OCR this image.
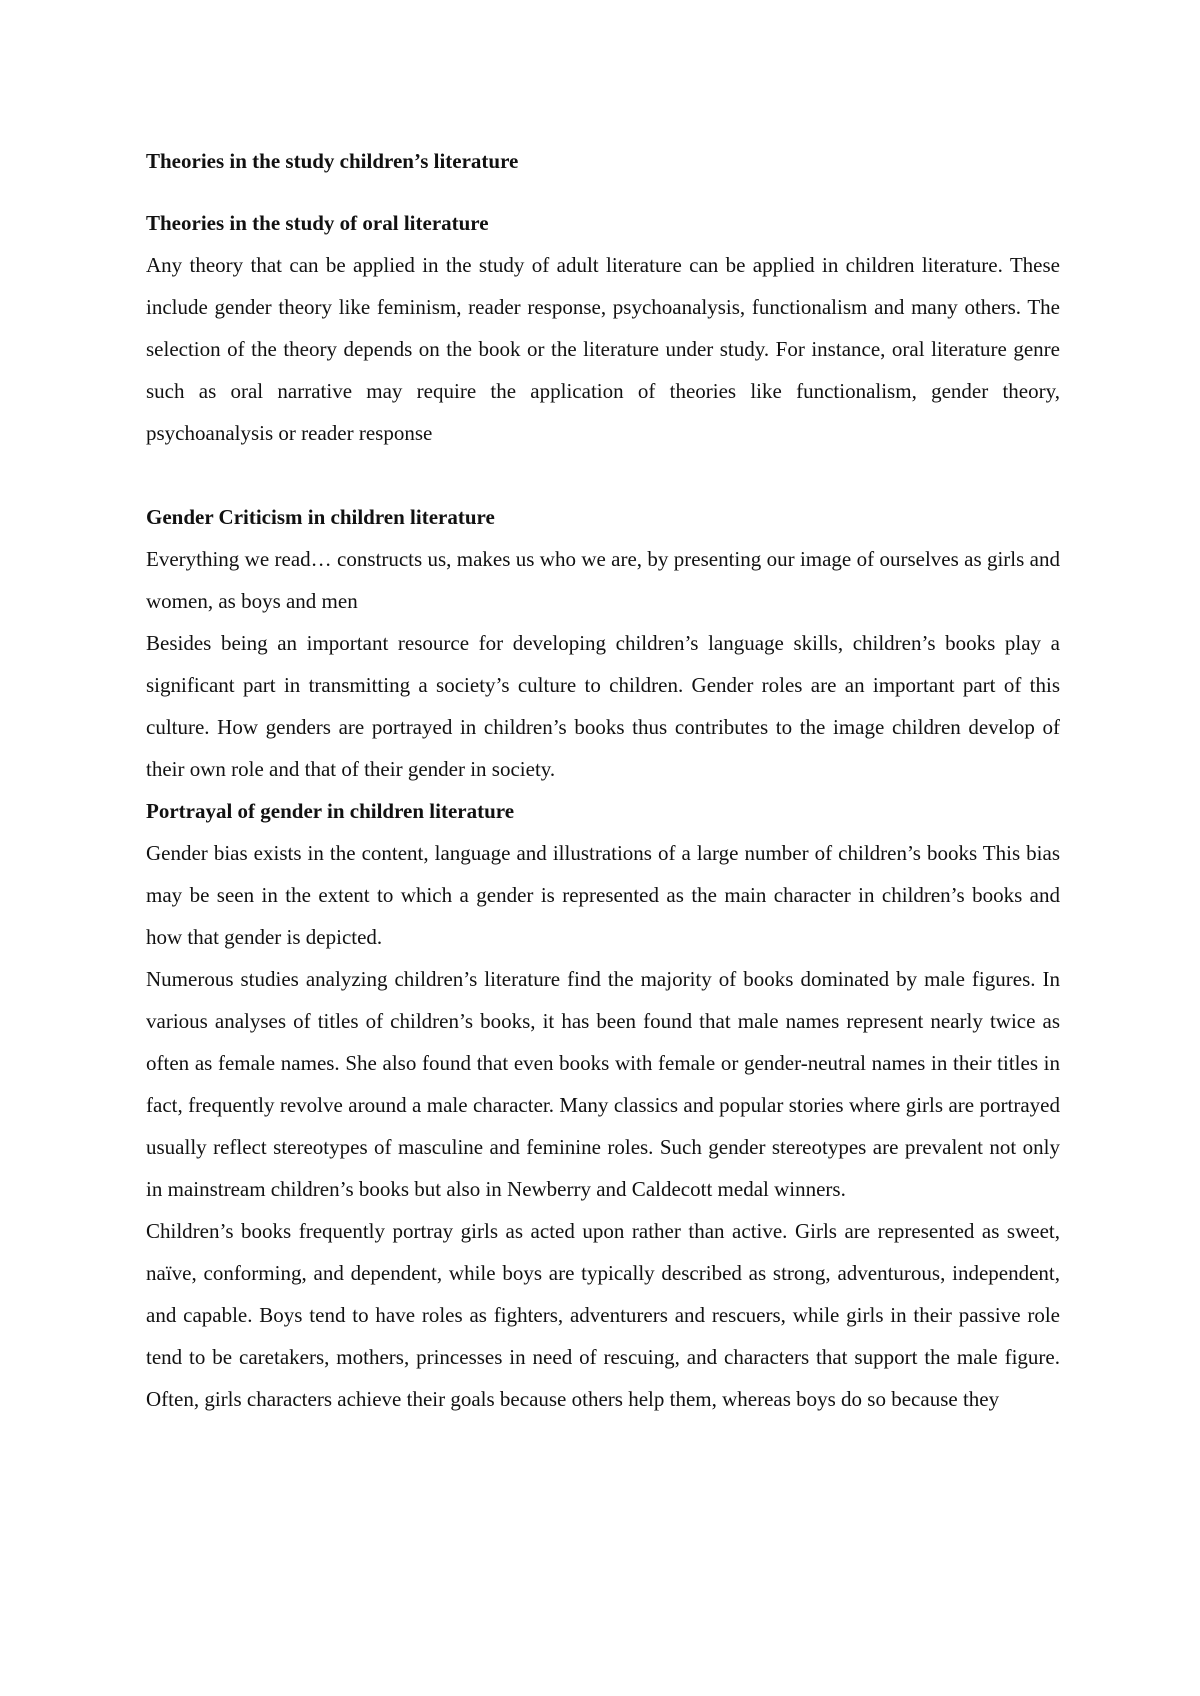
Theories in the study children’s literature
Theories in the study of oral literature

Any theory that can be applied in the study of adult literature can be applied in children literature. These include gender theory like feminism, reader response, psychoanalysis, functionalism and many others. The selection of the theory depends on the book or the literature under study. For instance, oral literature genre such as oral narrative may require the application of theories like functionalism, gender theory, psychoanalysis or reader response

Gender Criticism in children literature

Everything we read… constructs us, makes us who we are, by presenting our image of ourselves as girls and women, as boys and men

Besides being an important resource for developing children’s language skills, children’s books play a significant part in transmitting a society’s culture to children. Gender roles are an important part of this culture. How genders are portrayed in children’s books thus contributes to the image children develop of their own role and that of their gender in society.

Portrayal of gender in children literature

Gender bias exists in the content, language and illustrations of a large number of children’s books This bias may be seen in the extent to which a gender is represented as the main character in children’s books and how that gender is depicted.

Numerous studies analyzing children’s literature find the majority of books dominated by male figures. In various analyses of titles of children’s books, it has been found that male names represent nearly twice as often as female names. She also found that even books with female or gender-neutral names in their titles in fact, frequently revolve around a male character. Many classics and popular stories where girls are portrayed usually reflect stereotypes of masculine and feminine roles. Such gender stereotypes are prevalent not only in mainstream children’s books but also in Newberry and Caldecott medal winners.

Children’s books frequently portray girls as acted upon rather than active. Girls are represented as sweet, naïve, conforming, and dependent, while boys are typically described as strong, adventurous, independent, and capable. Boys tend to have roles as fighters, adventurers and rescuers, while girls in their passive role tend to be caretakers, mothers, princesses in need of rescuing, and characters that support the male figure. Often, girls characters achieve their goals because others help them, whereas boys do so because they
